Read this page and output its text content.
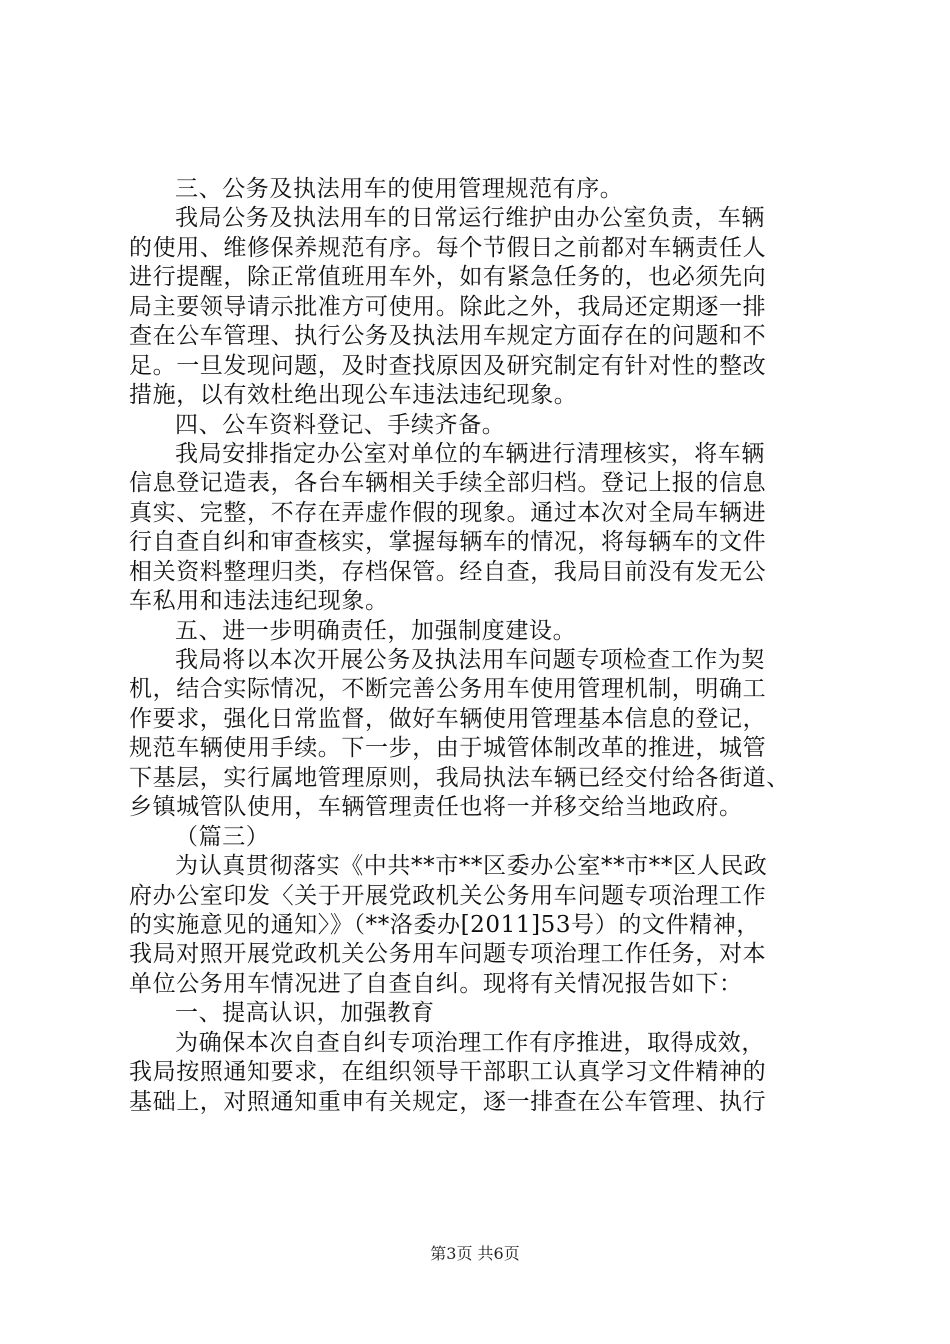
三、公务及执法用车的使用管理规范有序。
我局公务及执法用车的日常运行维护由办公室负责，车辆
的使用、维修保养规范有序。每个节假日之前都对车辆责任人
进行提醒，除正常值班用车外，如有紧急任务的，也必须先向
局主要领导请示批准方可使用。除此之外，我局还定期逐一排
查在公车管理、执行公务及执法用车规定方面存在的问题和不
足。一旦发现问题，及时查找原因及研究制定有针对性的整改
措施，以有效杜绝出现公车违法违纪现象。
四、公车资料登记、手续齐备。
我局安排指定办公室对单位的车辆进行清理核实，将车辆
信息登记造表，各台车辆相关手续全部归档。登记上报的信息
真实、完整，不存在弄虚作假的现象。通过本次对全局车辆进
行自查自纠和审查核实，掌握每辆车的情况，将每辆车的文件
相关资料整理归类，存档保管。经自查，我局目前没有发无公
车私用和违法违纪现象。
五、进一步明确责任，加强制度建设。
我局将以本次开展公务及执法用车问题专项检查工作为契
机，结合实际情况，不断完善公务用车使用管理机制，明确工
作要求，强化日常监督，做好车辆使用管理基本信息的登记，
规范车辆使用手续。下一步，由于城管体制改革的推进，城管
下基层，实行属地管理原则，我局执法车辆已经交付给各街道、
乡镇城管队使用，车辆管理责任也将一并移交给当地政府。
（篇三）
为认真贯彻落实《中共**市**区委办公室**市**区人民政
府办公室印发〈关于开展党政机关公务用车问题专项治理工作
的实施意见的通知〉》（**洛委办[2011]53号）的文件精神，
我局对照开展党政机关公务用车问题专项治理工作任务，对本
单位公务用车情况进了自查自纠。现将有关情况报告如下：
一、提高认识，加强教育
为确保本次自查自纠专项治理工作有序推进，取得成效，
我局按照通知要求，在组织领导干部职工认真学习文件精神的
基础上，对照通知重申有关规定，逐一排查在公车管理、执行
第3页 共6页
